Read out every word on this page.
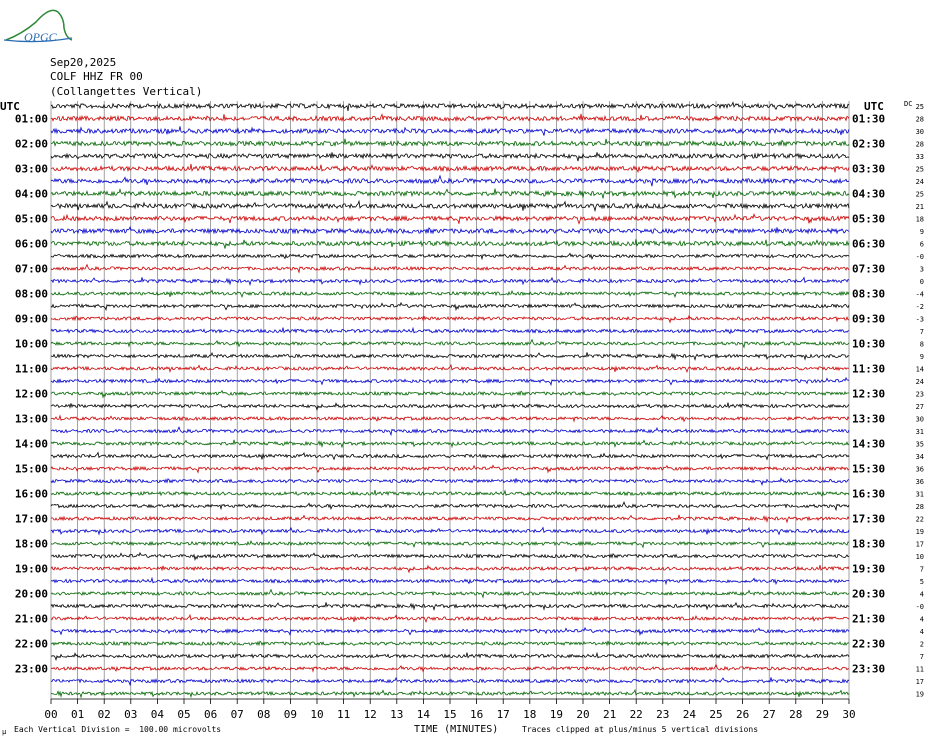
OPGC
Sep20,2025
COLF HHZ FR 00
(Collangettes Vertical)
25
28
30
28
33
25
24
25
21
18
9
6
-0
3
0
-4
-2
-3
7
8
9
14
24
23
27
30
31
35
34
36
36
31
28
22
19
17
10
7
5
4
-0
4
4
2
7
11
17
19
01:00
02:00
03:00
04:00
05:00
06:00
07:00
08:00
09:00
10:00
11:00
12:00
13:00
14:00
15:00
16:00
17:00
18:00
19:00
20:00
21:00
22:00
23:00
01:30
02:30
03:30
04:30
05:30
06:30
07:30
08:30
09:30
10:30
11:30
12:30
13:30
14:30
15:30
16:30
17:30
18:30
19:30
20:30
21:30
22:30
23:30
00 01 02 03 04 05 06 07 08 09 10 11 12 13 14 15 16 17 18 19 20 21 22 23 24 25 26 27 28 29 30
UTC	UTC	DC
TIME (MINUTES)
Each Vertical Division =  100.00 microvolts	Traces clipped at plus/minus 5 vertical divisions
µ
